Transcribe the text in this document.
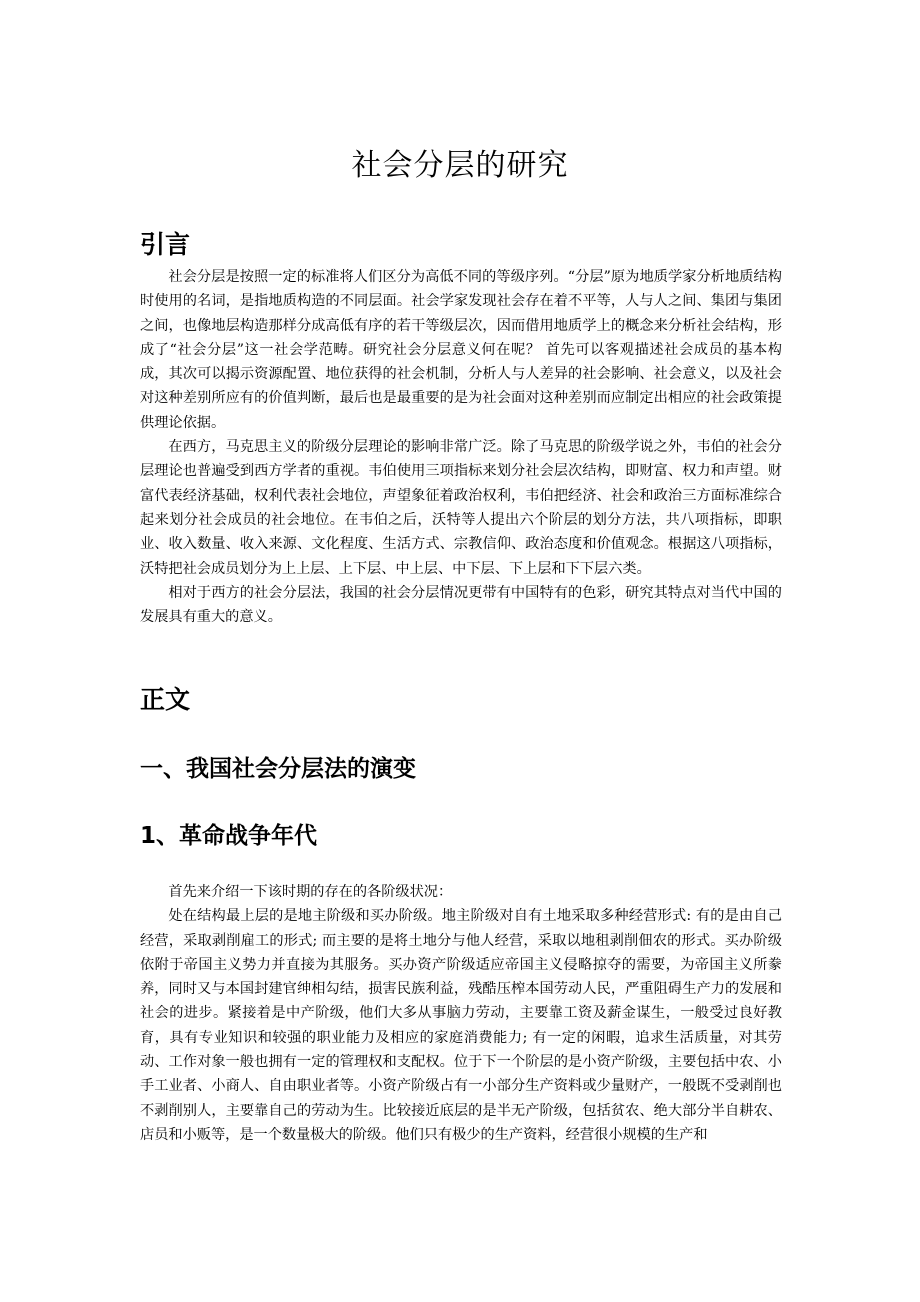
社会分层的研究
引言

社会分层是按照一定的标准将人们区分为高低不同的等级序列。“分层”原为地质学家分析地质结构时使用的名词，是指地质构造的不同层面。社会学家发现社会存在着不平等，人与人之间、集团与集团之间，也像地层构造那样分成高低有序的若干等级层次，因而借用地质学上的概念来分析社会结构，形成了“社会分层”这一社会学范畴。研究社会分层意义何在呢？ 首先可以客观描述社会成员的基本构成，其次可以揭示资源配置、地位获得的社会机制，分析人与人差异的社会影响、社会意义，以及社会对这种差别所应有的价值判断，最后也是最重要的是为社会面对这种差别而应制定出相应的社会政策提供理论依据。

在西方，马克思主义的阶级分层理论的影响非常广泛。除了马克思的阶级学说之外，韦伯的社会分层理论也普遍受到西方学者的重视。韦伯使用三项指标来划分社会层次结构，即财富、权力和声望。财富代表经济基础，权利代表社会地位，声望象征着政治权利，韦伯把经济、社会和政治三方面标准综合起来划分社会成员的社会地位。在韦伯之后，沃特等人提出六个阶层的划分方法，共八项指标，即职业、收入数量、收入来源、文化程度、生活方式、宗教信仰、政治态度和价值观念。根据这八项指标，沃特把社会成员划分为上上层、上下层、中上层、中下层、下上层和下下层六类。

相对于西方的社会分层法，我国的社会分层情况更带有中国特有的色彩，研究其特点对当代中国的发展具有重大的意义。

正文
一、我国社会分层法的演变
1、革命战争年代

首先来介绍一下该时期的存在的各阶级状况：

处在结构最上层的是地主阶级和买办阶级。地主阶级对自有土地采取多种经营形式: 有的是由自己经营，采取剥削雇工的形式; 而主要的是将土地分与他人经营，采取以地租剥削佃农的形式。买办阶级依附于帝国主义势力并直接为其服务。买办资产阶级适应帝国主义侵略掠夺的需要，为帝国主义所豢养，同时又与本国封建官绅相勾结，损害民族利益，残酷压榨本国劳动人民，严重阻碍生产力的发展和社会的进步。紧接着是中产阶级，他们大多从事脑力劳动，主要靠工资及薪金谋生，一般受过良好教育，具有专业知识和较强的职业能力及相应的家庭消费能力; 有一定的闲暇，追求生活质量，对其劳动、工作对象一般也拥有一定的管理权和支配权。位于下一个阶层的是小资产阶级，主要包括中农、小手工业者、小商人、自由职业者等。小资产阶级占有一小部分生产资料或少量财产，一般既不受剥削也不剥削别人，主要靠自己的劳动为生。比较接近底层的是半无产阶级，包括贫农、绝大部分半自耕农、店员和小贩等，是一个数量极大的阶级。他们只有极少的生产资料，经营很小规模的生产和
